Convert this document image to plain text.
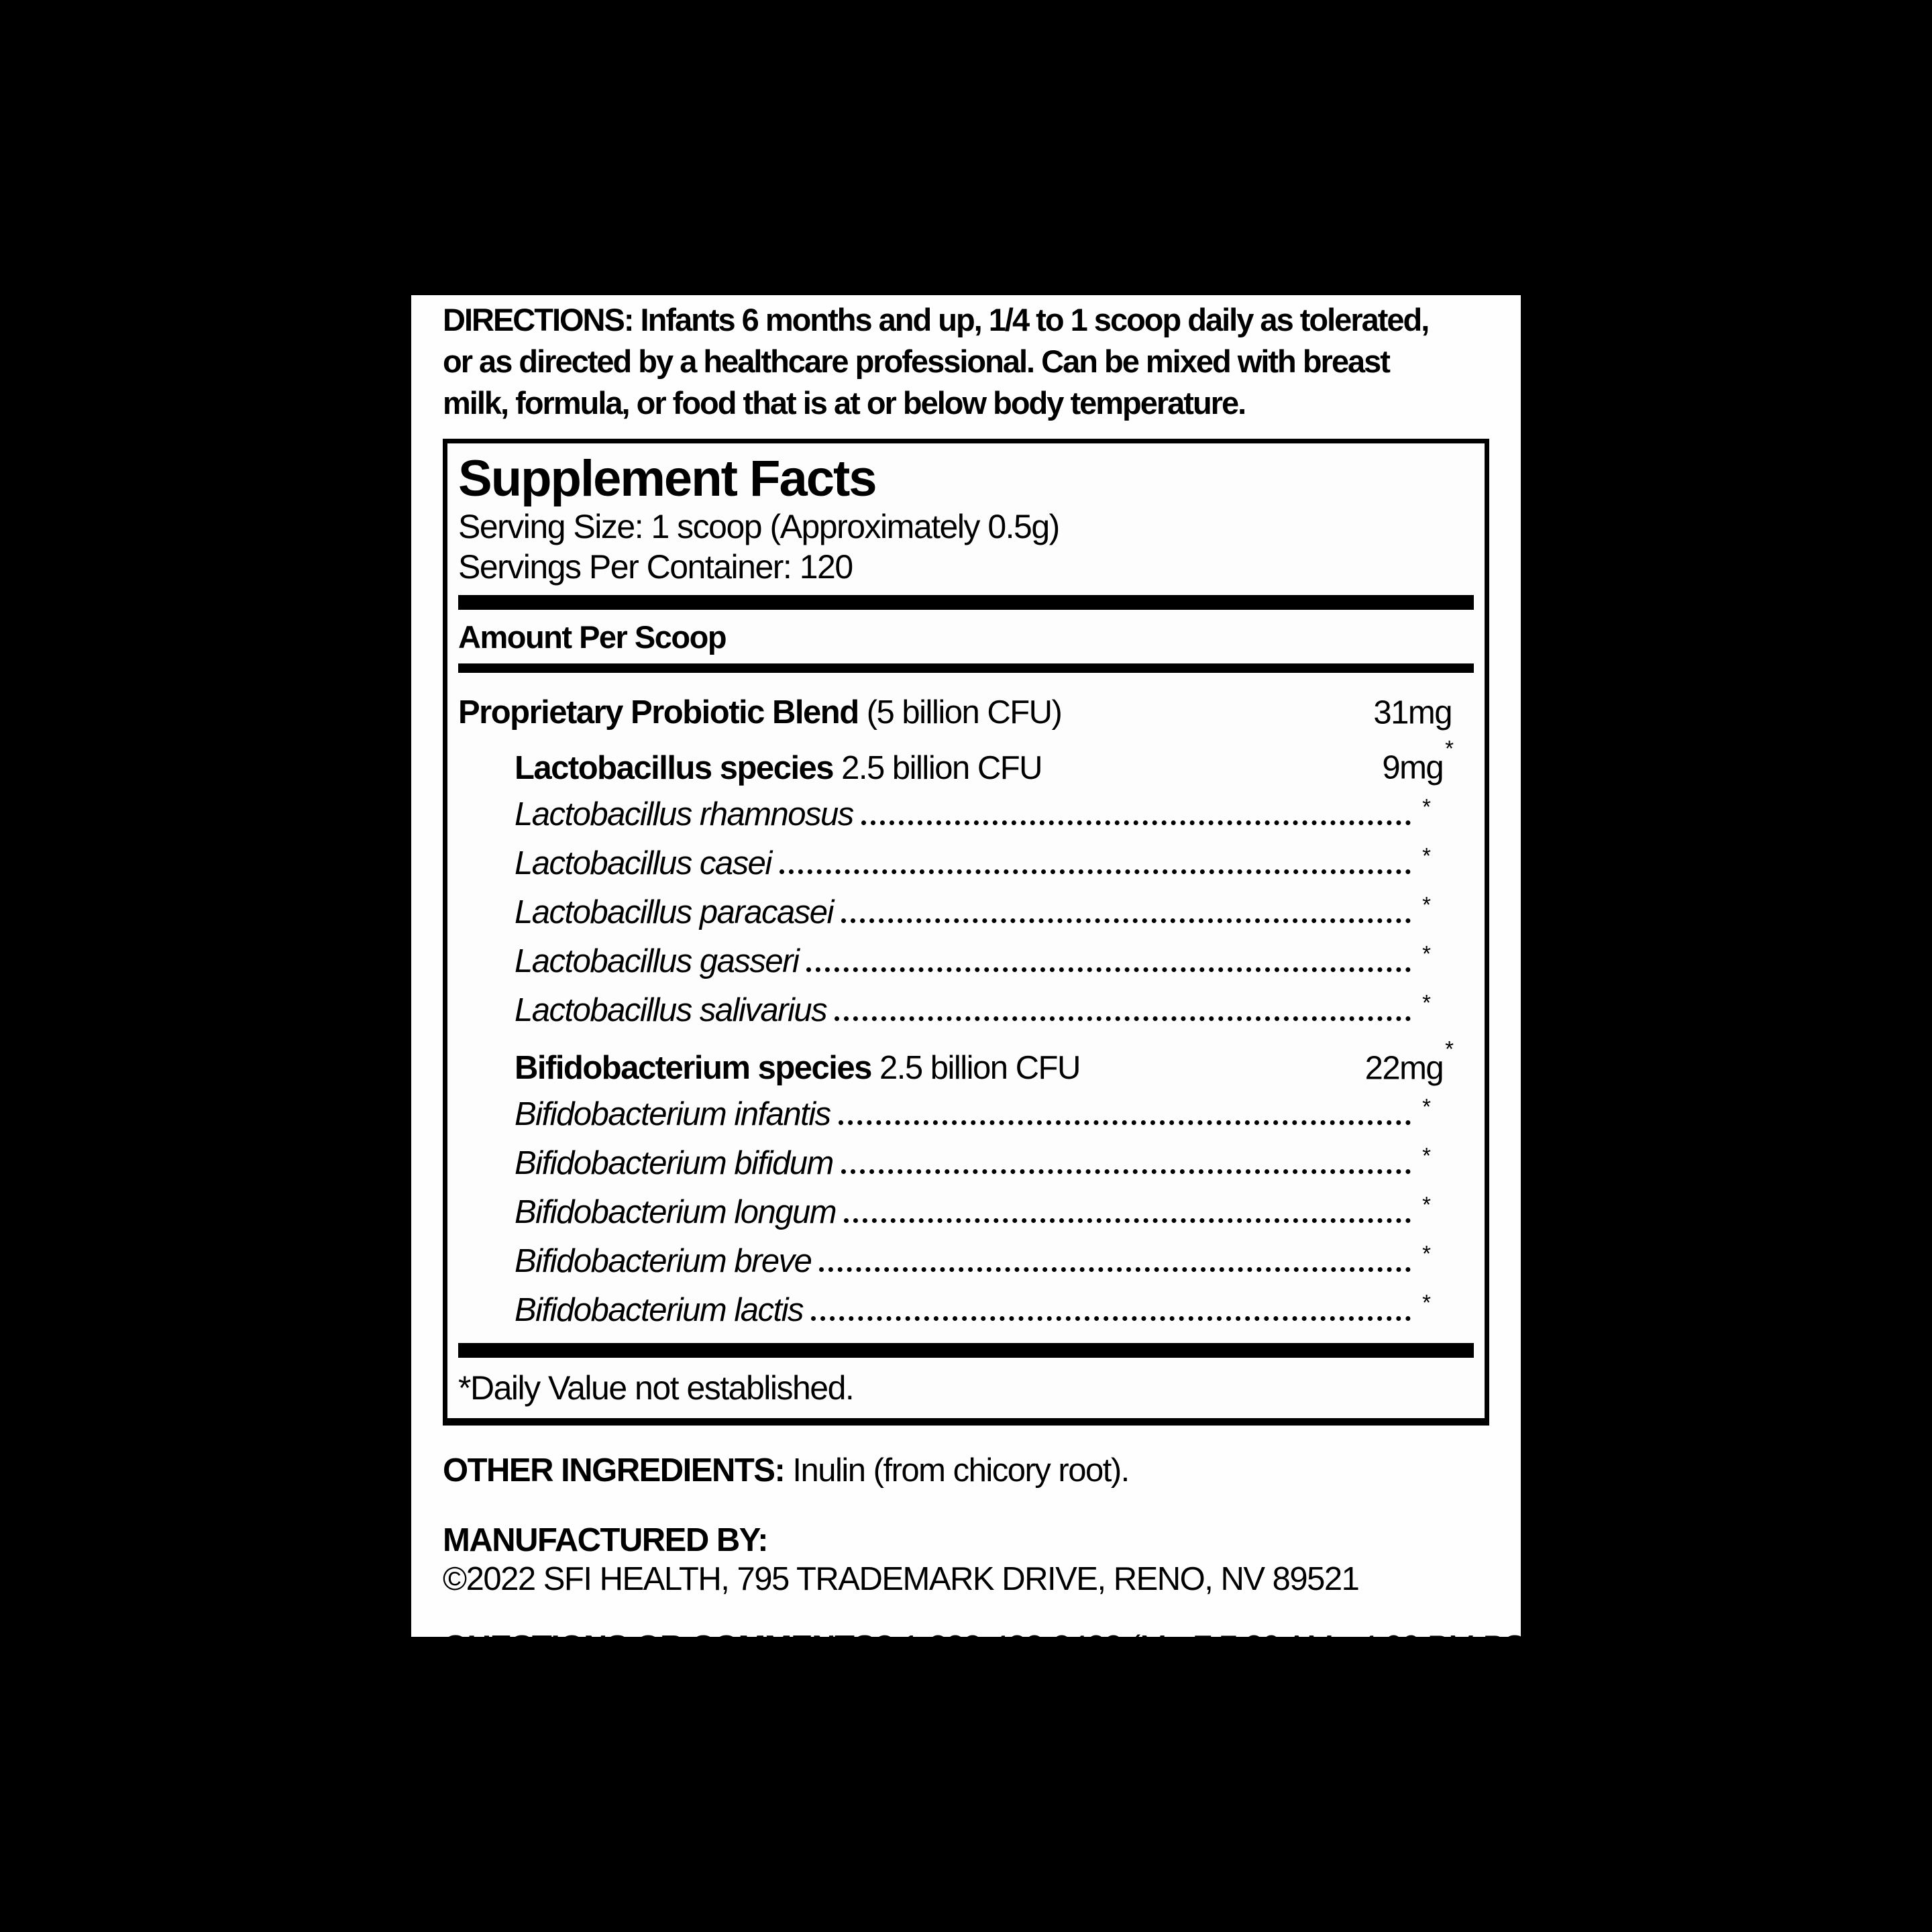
DIRECTIONS: Infants 6 months and up, 1/4 to 1 scoop daily as tolerated,
or as directed by a healthcare professional. Can be mixed with breast
milk, formula, or food that is at or below body temperature.
Supplement Facts
Serving Size: 1 scoop (Approximately 0.5g)
Servings Per Container: 120
Amount Per Scoop
Proprietary Probiotic Blend (5 billion CFU)	31mg
Lactobacillus species 2.5 billion CFU	9mg*
Lactobacillus rhamnosus	*
Lactobacillus casei	*
Lactobacillus paracasei	*
Lactobacillus gasseri	*
Lactobacillus salivarius	*
Bifidobacterium species 2.5 billion CFU	22mg*
Bifidobacterium infantis	*
Bifidobacterium bifidum	*
Bifidobacterium longum	*
Bifidobacterium breve	*
Bifidobacterium lactis	*
*Daily Value not established.
OTHER INGREDIENTS: Inulin (from chicory root).
MANUFACTURED BY:
©2022 SFI HEALTH, 795 TRADEMARK DRIVE, RENO, NV 89521
QUESTIONS OR COMMENTS? 1-888-488-2488 (M - F 7:30 AM - 4:00 PM PST)
STORAGE: DO NOT USE IF SHRINKWRAP IS BROKEN OR MISSING.
KEEP REFRIGERATED.
